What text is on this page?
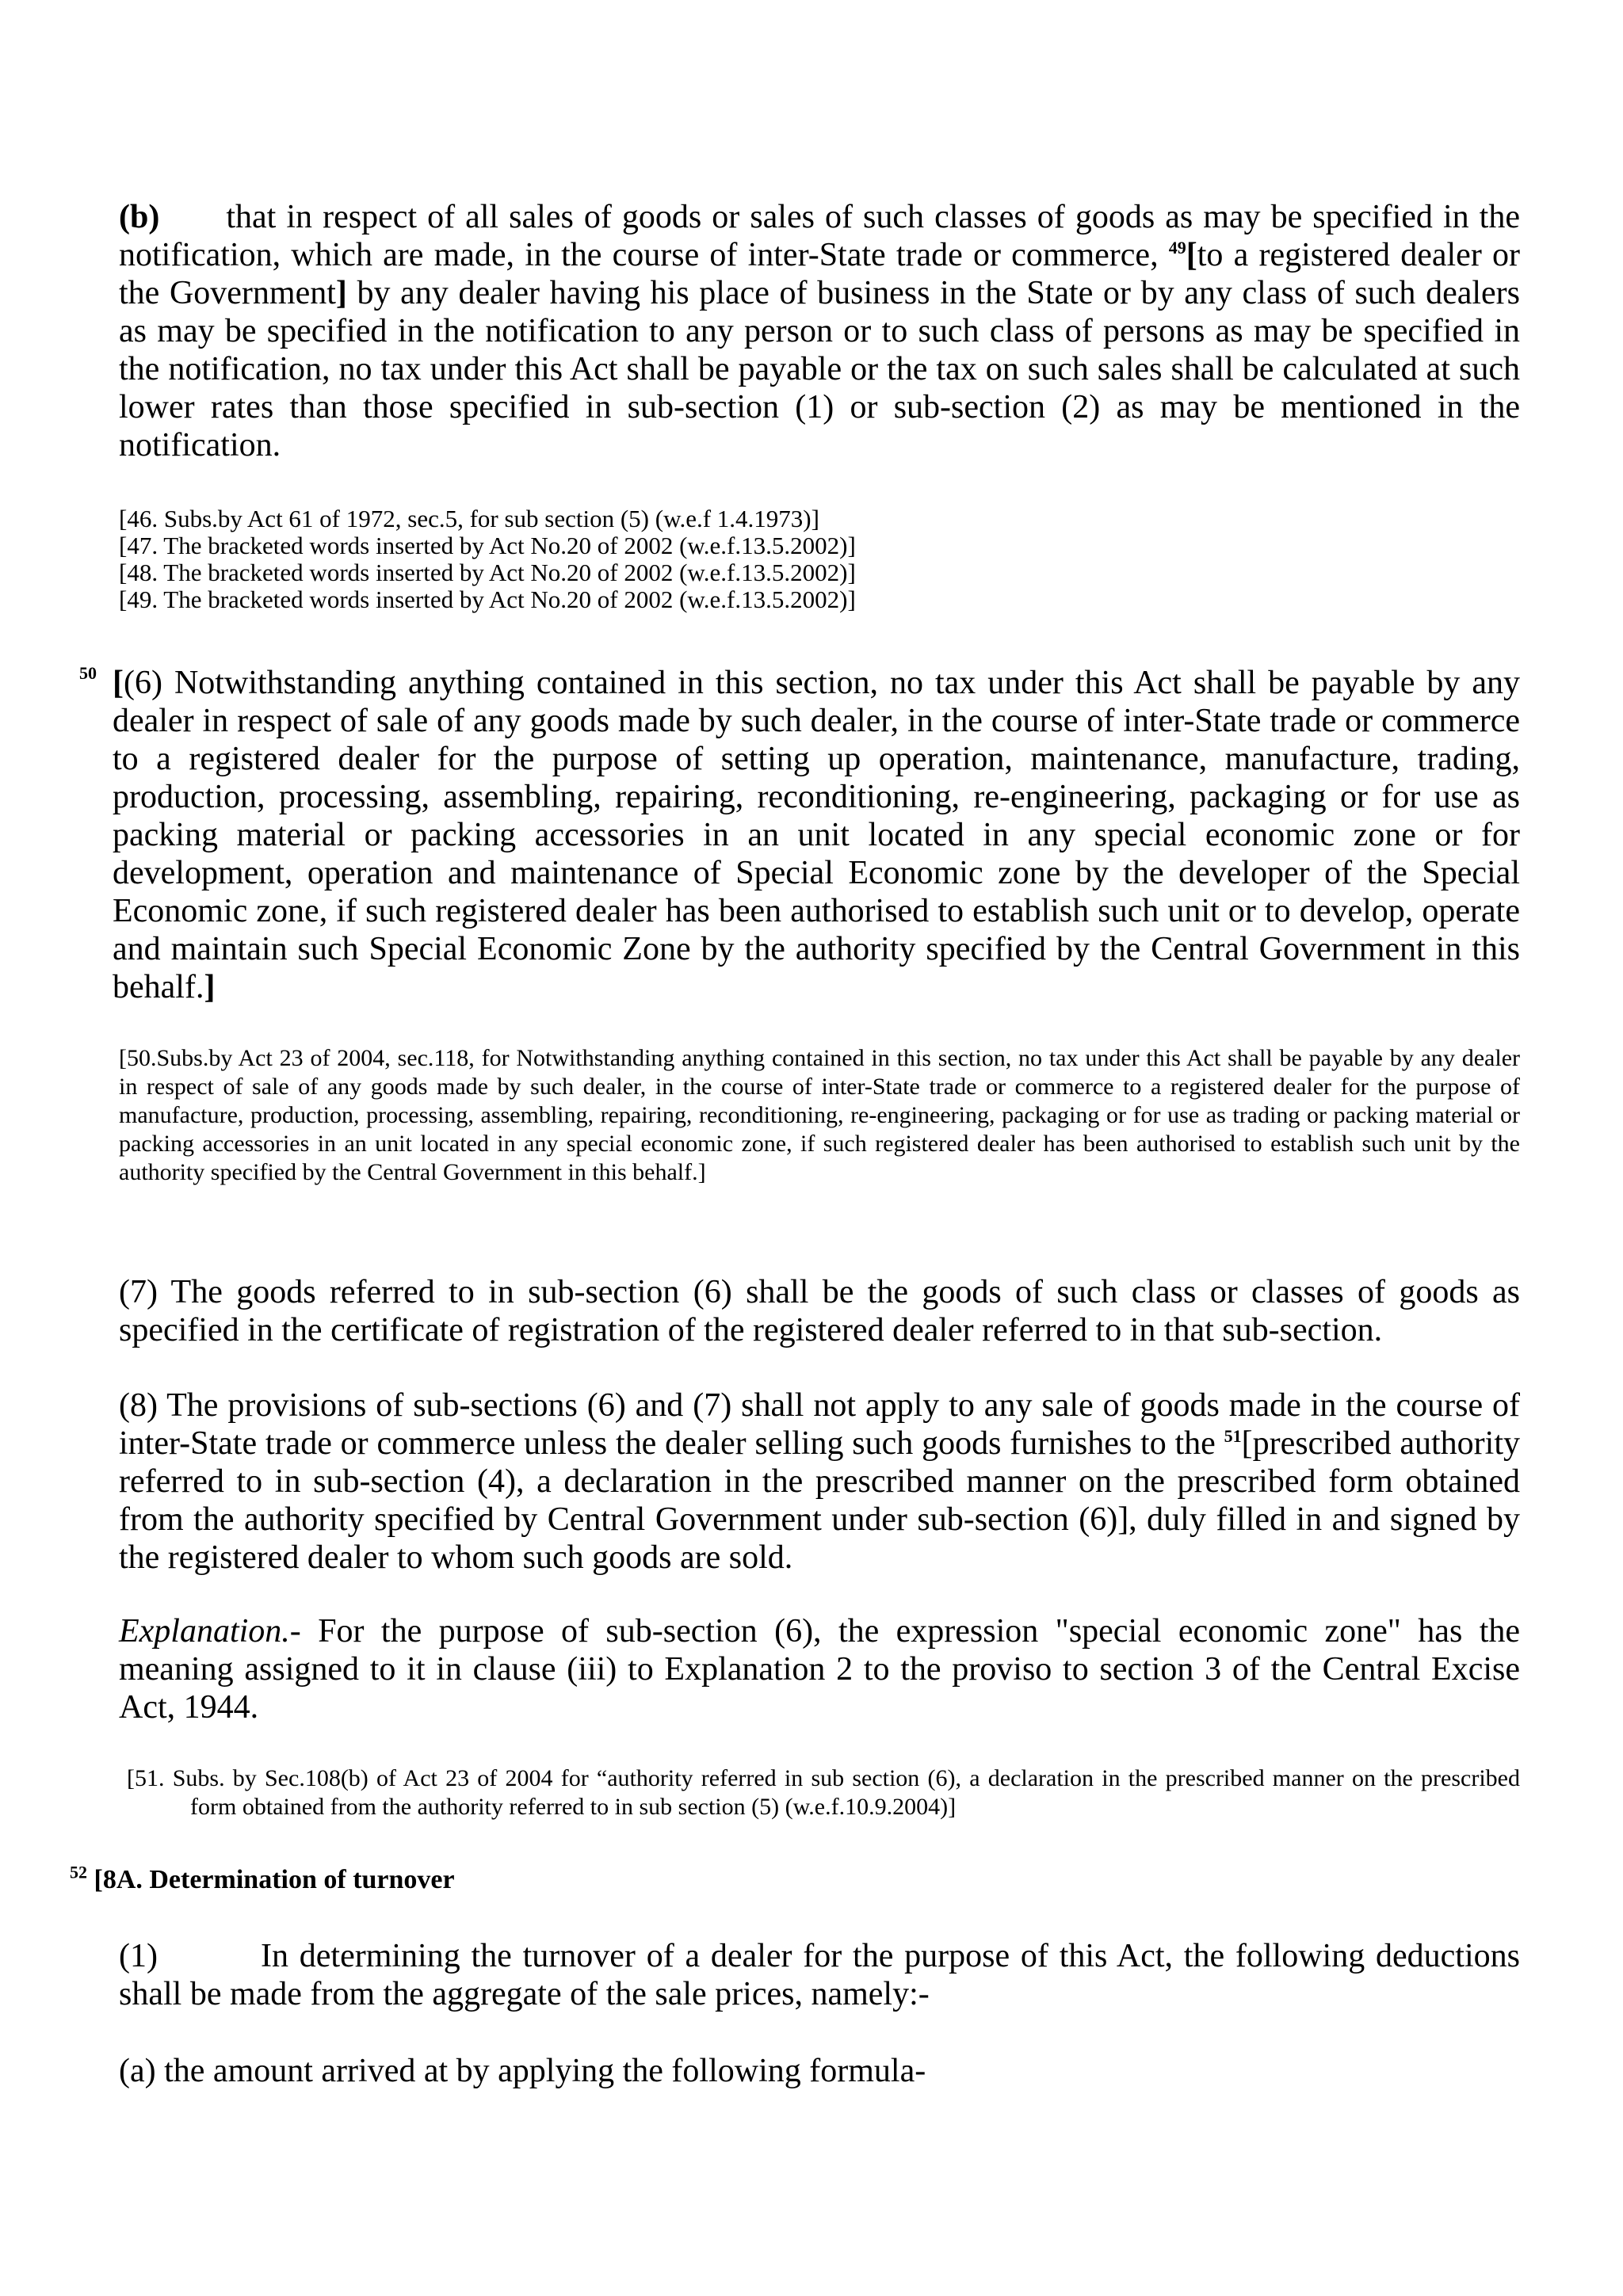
(b) that in respect of all sales of goods or sales of such classes of goods as may be specified in the notification, which are made, in the course of inter-State trade or commerce, $^{49}$[to a registered dealer or the Government] by any dealer having his place of business in the State or by any class of such dealers as may be specified in the notification to any person or to such class of persons as may be specified in the notification, no tax under this Act shall be payable or the tax on such sales shall be calculated at such lower rates than those specified in sub-section (1) or sub-section (2) as may be mentioned in the notification.

[46. Subs.by Act 61 of 1972, sec.5, for sub section (5) (w.e.f 1.4.1973)]
[47. The bracketed words inserted by Act No.20 of 2002 (w.e.f.13.5.2002)]
[48. The bracketed words inserted by Act No.20 of 2002 (w.e.f.13.5.2002)]
[49. The bracketed words inserted by Act No.20 of 2002 (w.e.f.13.5.2002)]
50 [(6) Notwithstanding anything contained in this section, no tax under this Act shall be payable by any dealer in respect of sale of any goods made by such dealer, in the course of inter-State trade or commerce to a registered dealer for the purpose of setting up operation, maintenance, manufacture, trading, production, processing, assembling, repairing, reconditioning, re-engineering, packaging or for use as packing material or packing accessories in an unit located in any special economic zone or for development, operation and maintenance of Special Economic zone by the developer of the Special Economic zone, if such registered dealer has been authorised to establish such unit or to develop, operate and maintain such Special Economic Zone by the authority specified by the Central Government in this behalf.]

[50.Subs.by Act 23 of 2004, sec.118, for Notwithstanding anything contained in this section, no tax under this Act shall be payable by any dealer in respect of sale of any goods made by such dealer, in the course of inter-State trade or commerce to a registered dealer for the purpose of manufacture, production, processing, assembling, repairing, reconditioning, re-engineering, packaging or for use as trading or packing material or packing accessories in an unit located in any special economic zone, if such registered dealer has been authorised to establish such unit by the authority specified by the Central Government in this behalf.]

(7) The goods referred to in sub-section (6) shall be the goods of such class or classes of goods as specified in the certificate of registration of the registered dealer referred to in that sub-section.

(8) The provisions of sub-sections (6) and (7) shall not apply to any sale of goods made in the course of inter-State trade or commerce unless the dealer selling such goods furnishes to the $^{51}$[prescribed authority referred to in sub-section (4), a declaration in the prescribed manner on the prescribed form obtained from the authority specified by Central Government under sub-section (6)], duly filled in and signed by the registered dealer to whom such goods are sold.

Explanation.- For the purpose of sub-section (6), the expression "special economic zone" has the meaning assigned to it in clause (iii) to Explanation 2 to the proviso to section 3 of the Central Excise Act, 1944.

[51. Subs. by Sec.108(b) of Act 23 of 2004 for “authority referred in sub section (6), a declaration in the prescribed manner on the prescribed form obtained from the authority referred to in sub section (5) (w.e.f.10.9.2004)]

$^{52}$ [8A. Determination of turnover

(1)	In determining the turnover of a dealer for the purpose of this Act, the following deductions shall be made from the aggregate of the sale prices, namely:-

(a) the amount arrived at by applying the following formula-
